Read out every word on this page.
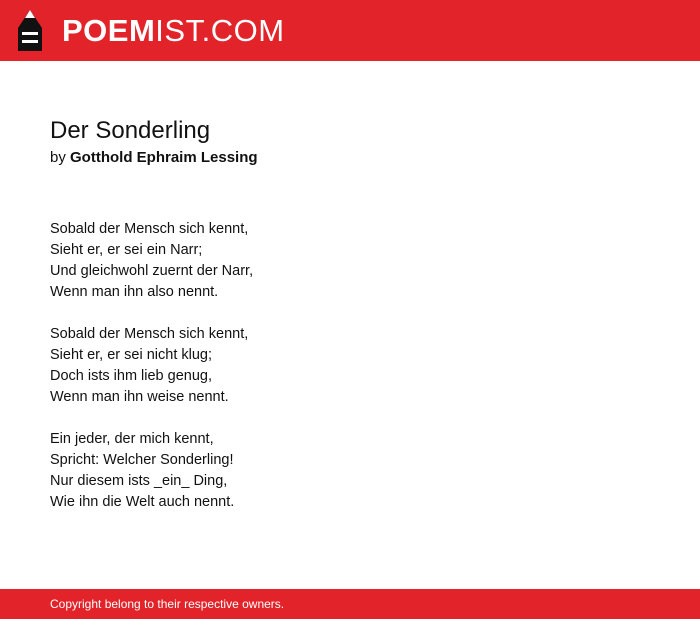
POEMIST.COM
Der Sonderling
by Gotthold Ephraim Lessing
Sobald der Mensch sich kennt,
Sieht er, er sei ein Narr;
Und gleichwohl zuernt der Narr,
Wenn man ihn also nennt.
Sobald der Mensch sich kennt,
Sieht er, er sei nicht klug;
Doch ists ihm lieb genug,
Wenn man ihn weise nennt.
Ein jeder, der mich kennt,
Spricht: Welcher Sonderling!
Nur diesem ists _ein_ Ding,
Wie ihn die Welt auch nennt.
Copyright belong to their respective owners.
